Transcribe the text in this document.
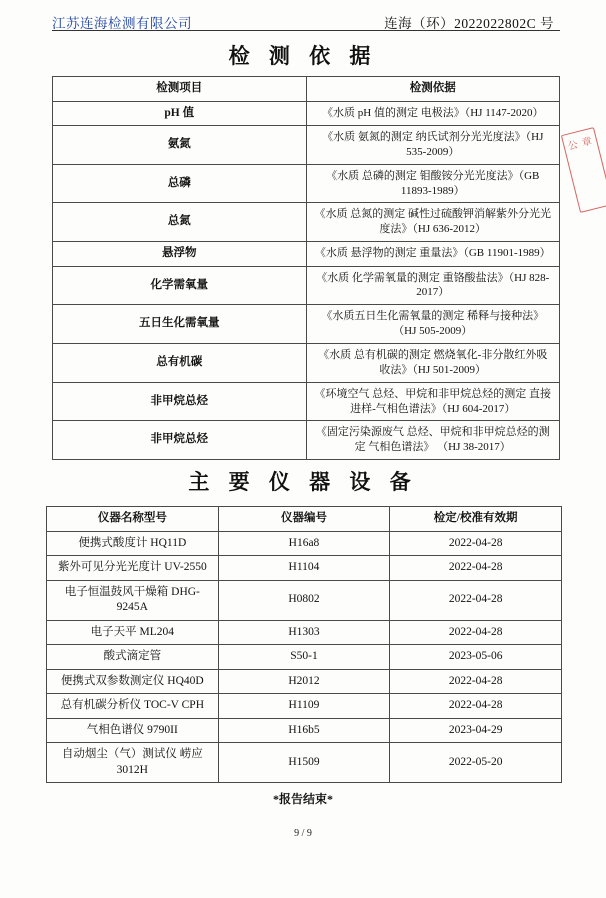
江苏连海检测有限公司	连海（环）2022022802C 号
检 测 依 据
检测项目	检测依据
pH 值	《水质 pH 值的测定 电极法》（HJ 1147-2020）
氨氮	《水质 氨氮的测定 纳氏试剂分光光度法》（HJ 535-2009）
总磷	《水质 总磷的测定 钼酸铵分光光度法》（GB 11893-1989）
总氮	《水质 总氮的测定 碱性过硫酸钾消解紫外分光光度法》（HJ 636-2012）
悬浮物	《水质 悬浮物的测定 重量法》（GB 11901-1989）
化学需氧量	《水质 化学需氧量的测定 重铬酸盐法》（HJ 828-2017）
五日生化需氧量	《水质五日生化需氧量的测定 稀释与接种法》（HJ 505-2009）
总有机碳	《水质 总有机碳的测定 燃烧氧化-非分散红外吸收法》（HJ 501-2009）
非甲烷总烃	《环境空气 总烃、甲烷和非甲烷总烃的测定 直接进样-气相色谱法》（HJ 604-2017）
非甲烷总烃	《固定污染源废气 总烃、甲烷和非甲烷总烃的测定 气相色谱法》 （HJ 38-2017）
主 要 仪 器 设 备
仪器名称型号	仪器编号	检定/校准有效期
便携式酸度计 HQ11D	H16a8	2022-04-28
紫外可见分光光度计 UV-2550	H1104	2022-04-28
电子恒温鼓风干燥箱 DHG-9245A	H0802	2022-04-28
电子天平 ML204	H1303	2022-04-28
酸式滴定管	S50-1	2023-05-06
便携式双参数测定仪 HQ40D	H2012	2022-04-28
总有机碳分析仪 TOC-V CPH	H1109	2022-04-28
气相色谱仪 9790II	H16b5	2023-04-29
自动烟尘（气）测试仪 崂应 3012H	H1509	2022-05-20
*报告结束*
9 / 9
公 章
